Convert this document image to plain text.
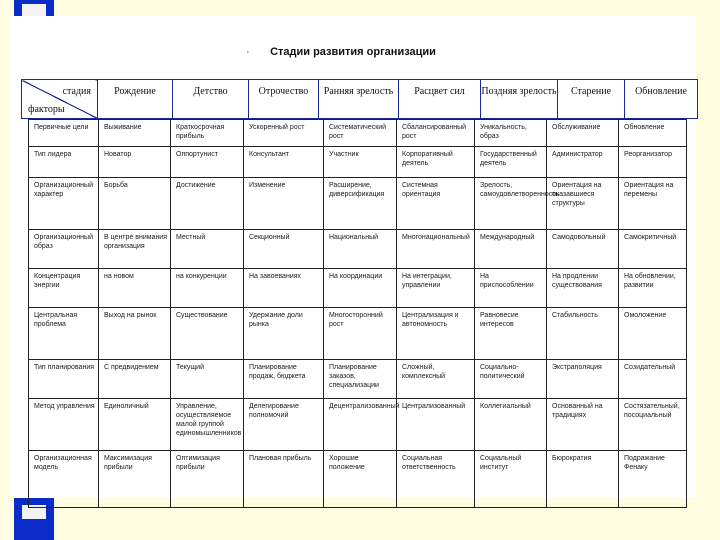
·	Стадии развития организации
стадия
факторы
	Рождение	Детство	Отрочество	Ранняя зрелость	Расцвет сил	Поздняя зрелость	Старение	Обновление
Первичные цели	Выживание	Краткосрочная прибыль	Ускоренный рост	Систематический рост	Сбалансированный рост	Уникальность, образ	Обслуживание	Обновление
Тип лидера	Новатор	Оппортунист	Консультант	Участник	Корпоративный деятель	Государственный деятель	Администратор	Реорганизатор
Организационный характер	Борьба	Достижение	Изменение	Расширение, диверсификация	Системная ориентация	Зрелость, самоудовлетворенность	Ориентация на оказавшиеся структуры	Ориентация на перемены
Организационный образ	В центре внимания организация	Местный	Секционный	Национальный	Многонациональный	Международный	Самодовольный	Самокритичный
Концентрация энергии	на новом	на конкуренции	На завоеваниях	На координации	На интеграции, управлении	На приспособлении	На продлении существования	На обновлении, развитии
Центральная проблема	Выход на рынок	Существование	Удержание доли рынка	Многосторонний рост	Централизация и автономность	Равновесие интересов	Стабильность	Омоложение
Тип планирования	С предвидением	Текущий	Планирование продаж, бюджета	Планирование заказов, специализации	Сложный, комплексный	Социально-политический	Экстраполяция	Созидательный
Метод управления	Единоличный	Управление, осуществляемое малой группой единомышленников	Делегирование полномочий	Децентрализованный	Централизованный	Коллегиальный	Основанный на традициях	Состязательный, посоциальный
Организационная модель	Максимизация прибыли	Оптимизация прибыли	Плановая прибыль	Хорошие положение	Социальная ответственность	Социальный институт	Бюрократия	Подражание Фенаку
